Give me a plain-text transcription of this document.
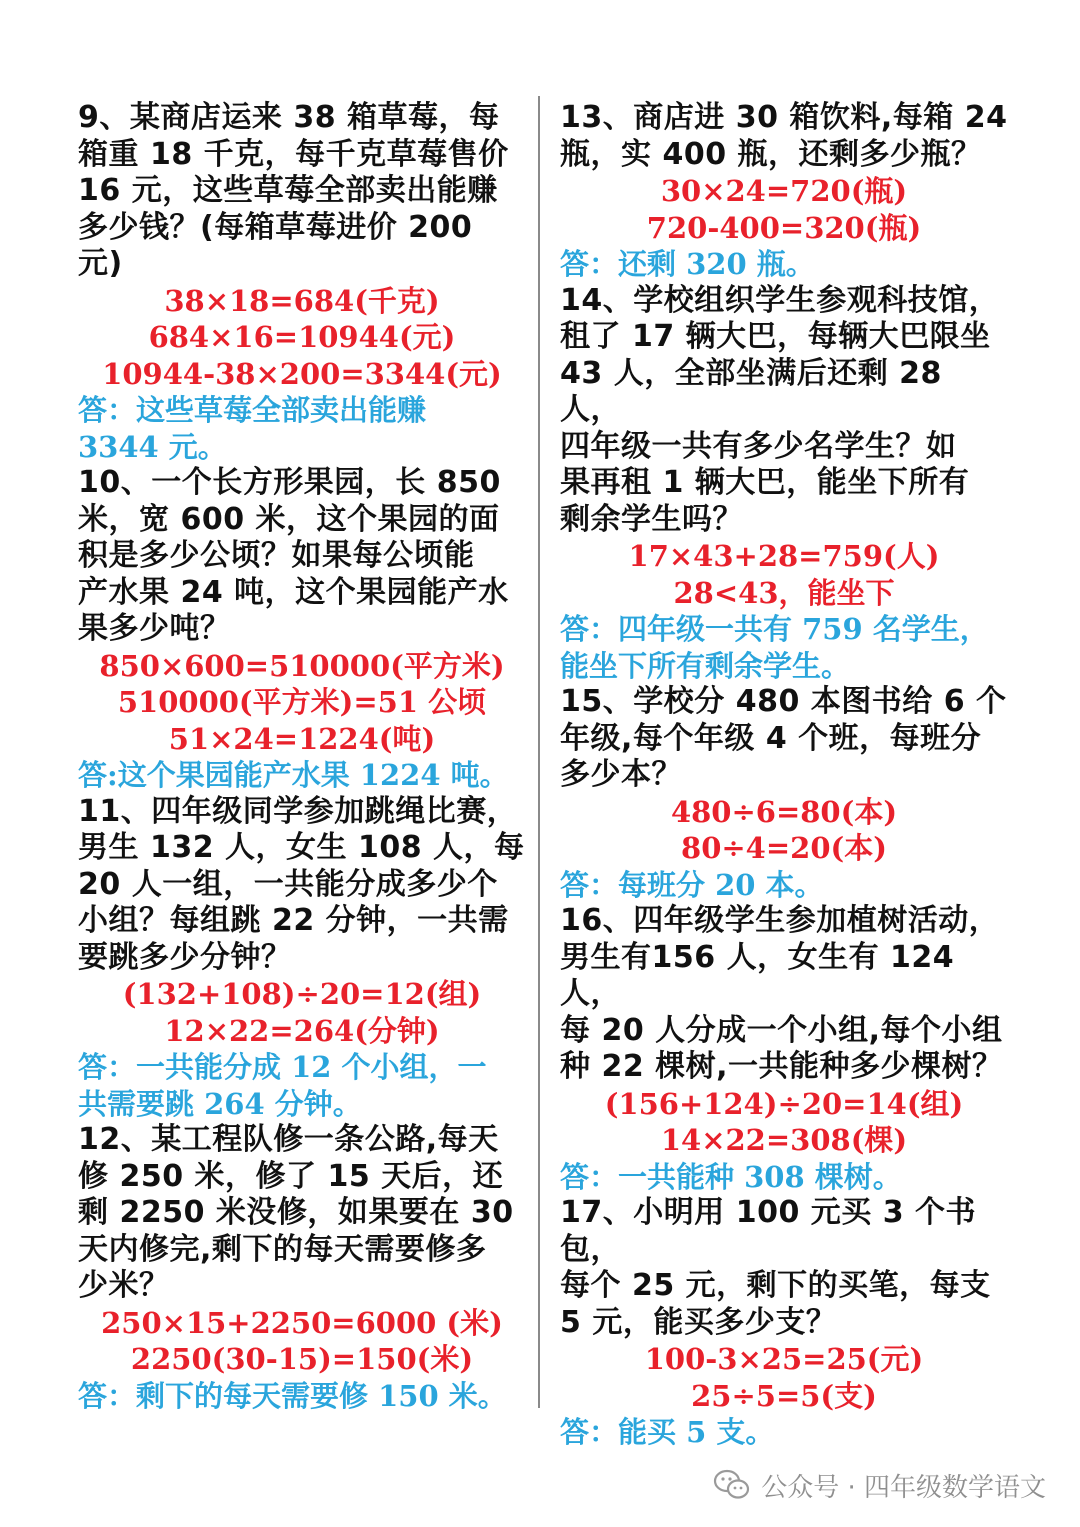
9、某商店运来 38 箱草莓，每
箱重 18 千克，每千克草莓售价
16 元，这些草莓全部卖出能赚
多少钱？(每箱草莓进价 200
元)

38×18=684(千克)
684×16=10944(元)
10944-38×200=3344(元)

答：这些草莓全部卖出能赚
3344 元。

10、一个长方形果园，长 850
米，宽 600 米，这个果园的面
积是多少公顷？如果每公顷能
产水果 24 吨，这个果园能产水
果多少吨？

850×600=510000(平方米)
510000(平方米)=51 公顷
51×24=1224(吨)

答:这个果园能产水果 1224 吨。

11、四年级同学参加跳绳比赛，
男生 132 人，女生 108 人，每
20 人一组，一共能分成多少个
小组？每组跳 22 分钟，一共需
要跳多少分钟？

(132+108)÷20=12(组)
12×22=264(分钟)

答：一共能分成 12 个小组，一
共需要跳 264 分钟。

12、某工程队修一条公路,每天
修 250 米，修了 15 天后，还
剩 2250 米没修，如果要在 30
天内修完,剩下的每天需要修多
少米？

250×15+2250=6000 (米)
2250(30-15)=150(米)

答：剩下的每天需要修 150 米。

13、商店进 30 箱饮料,每箱 24
瓶，实 400 瓶，还剩多少瓶？

30×24=720(瓶)
720-400=320(瓶)

答：还剩 320 瓶。

14、学校组织学生参观科技馆，
租了 17 辆大巴，每辆大巴限坐
43 人，全部坐满后还剩 28 人，
四年级一共有多少名学生？如
果再租 1 辆大巴，能坐下所有
剩余学生吗？

17×43+28=759(人)
28<43，能坐下

答：四年级一共有 759 名学生，
能坐下所有剩余学生。

15、学校分 480 本图书给 6 个
年级,每个年级 4 个班，每班分
多少本？

480÷6=80(本)
80÷4=20(本)

答：每班分 20 本。

16、四年级学生参加植树活动，
男生有156 人，女生有 124 人，
每 20 人分成一个小组,每个小组
种 22 棵树,一共能种多少棵树？

(156+124)÷20=14(组)
14×22=308(棵)

答：一共能种 308 棵树。

17、小明用 100 元买 3 个书包，
每个 25 元，剩下的买笔，每支
5 元，能买多少支？

100-3×25=25(元)
25÷5=5(支)

答：能买 5 支。

公众号 · 四年级数学语文
